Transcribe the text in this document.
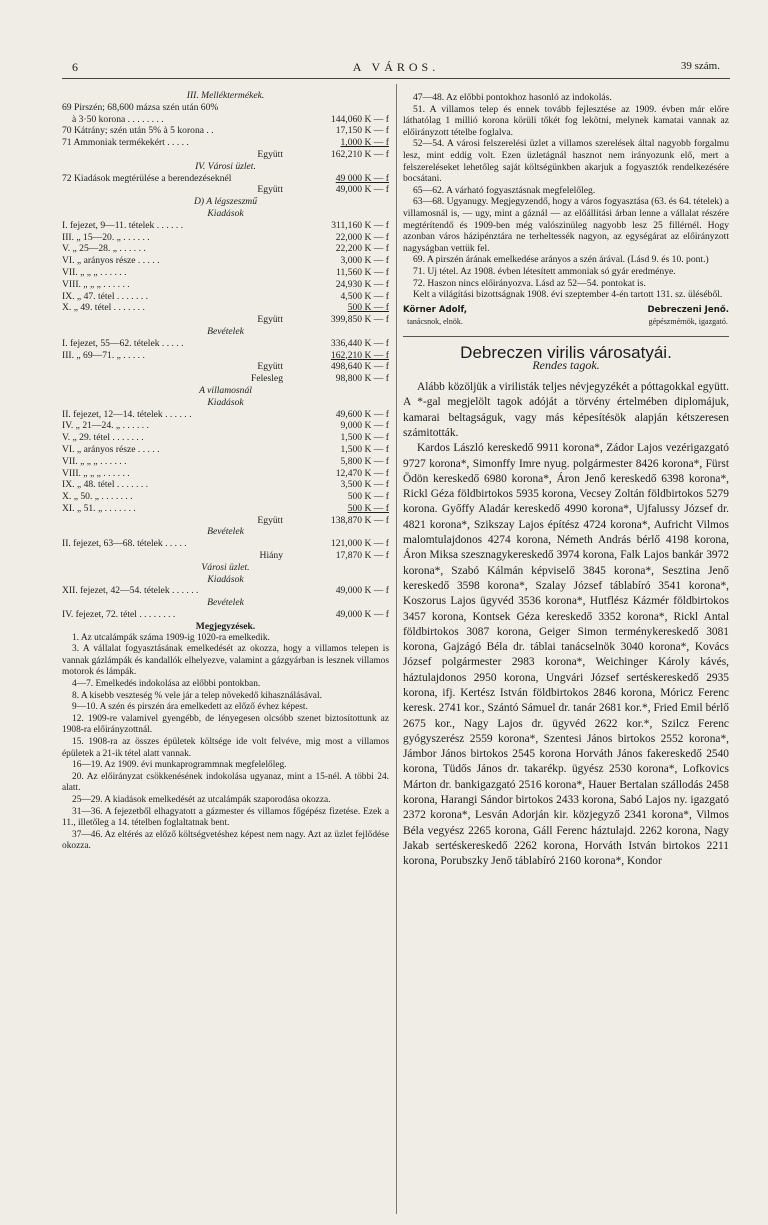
6	A VÁROS.	39 szám.
III. Melléktermékek.
69 Pirszén; 68,600 mázsa szén után 60%
à 3·50 korona . . . . . . . .	144,060 K — f
70 Kátrány; szén után 5% à 5 korona . .	17,150 K — f
71 Ammoniak termékekért . . . . .	1,000 K — f
Együtt	162,210 K — f
IV. Városi üzlet.
72 Kiadások megtérülése a berendezéseknél	49 000 K — f
Együtt	49,000 K — f
D) A légszeszmű
Kiadások
I. fejezet, 9—11. tételek . . . . . .	311,160 K — f
III. „ 15—20. „ . . . . . .	22,000 K — f
V. „ 25—28. „ . . . . . .	22,200 K — f
VI. „ arányos része . . . . .	3,000 K — f
VII. „ „ „ . . . . . .	11,560 K — f
VIII. „ „ „ . . . . . .	24,930 K — f
IX. „ 47. tétel . . . . . . .	4,500 K — f
X. „ 49. tétel . . . . . . .	500 K — f
Együtt	399,850 K — f
Bevételek
I. fejezet, 55—62. tételek . . . . .	336,440 K — f
III. „ 69—71. „ . . . . .	162,210 K — f
Együtt	498,640 K — f
Felesleg	98,800 K — f
A villamosnál
Kiadások
II. fejezet, 12—14. tételek . . . . . .	49,600 K — f
IV. „ 21—24. „ . . . . . .	9,000 K — f
V. „ 29. tétel . . . . . . .	1,500 K — f
VI. „ arányos része . . . . .	1,500 K — f
VII. „ „ „ . . . . . .	5,800 K — f
VIII. „ „ „ . . . . . .	12,470 K — f
IX. „ 48. tétel . . . . . . .	3,500 K — f
X. „ 50. „ . . . . . . .	500 K — f
XI. „ 51. „ . . . . . . .	500 K — f
Együtt	138,870 K — f
Bevételek
II. fejezet, 63—68. tételek . . . . .	121,000 K — f
Hiány	17,870 K — f
Városi üzlet.
Kiadások
XII. fejezet, 42—54. tételek . . . . . .	49,000 K — f
Bevételek
IV. fejezet, 72. tétel . . . . . . . .	49,000 K — f
Megjegyzések.

1. Az utcalámpák száma 1909-ig 1020-ra emelkedik.

3. A vállalat fogyasztásának emelkedését az okozza, hogy a villamos telepen is vannak gázlámpák és kandallók elhelyezve, valamint a gázgyárban is lesznek villamos motorok és lámpák.

4—7. Emelkedés indokolása az előbbi pontokban.

8. A kisebb veszteség % vele jár a telep növekedő kihasználásával.

9—10. A szén és pirszén ára emelkedett az előző évhez képest.

12. 1909-re valamivel gyengébb, de lényegesen olcsóbb szenet biztosítottunk az 1908-ra előirányzottnál.

15. 1908-ra az összes épületek költsége ide volt felvéve, mig most a villamos épületek a 21-ik tétel alatt vannak.

16—19. Az 1909. évi munkaprogrammnak megfelelőleg.

20. Az előirányzat csökkenésének indokolása ugyanaz, mint a 15-nél. A többi 24. alatt.

25—29. A kiadások emelkedését az utcalámpák szaporodása okozza.

31—36. A fejezetből elhagyatott a gázmester és villamos főgépész fizetése. Ezek a 11., illetőleg a 14. tételben foglaltatnak bent.

37—46. Az eltérés az előző költségvetéshez képest nem nagy. Azt az üzlet fejlődése okozza.

47—48. Az előbbi pontokhoz hasonló az indokolás.

51. A villamos telep és ennek tovább fejlesztése az 1909. évben már előre láthatólag 1 millió korona körüli tőkét fog lekötni, melynek kamatai vannak az előirányzott tételbe foglalva.

52—54. A városi felszerelési üzlet a villamos szerelések által nagyobb forgalmu lesz, mint eddig volt. Ezen üzletágnál hasznot nem irányozunk elő, mert a felszereléseket lehetőleg saját költségünkben akarjuk a fogyasztók rendelkezésére bocsátani.

65—62. A várható fogyasztásnak megfelelőleg.

63—68. Ugyanugy. Megjegyzendő, hogy a város fogyasztása (63. és 64. tételek) a villamosnál is, — ugy, mint a gáznál — az előállítási árban lenne a vállalat részére megtérítendő és 1909-ben még valószinüleg nagyobb lesz 25 fillérnél. Hogy azonban város házipénztára ne terheltessék nagyon, az egységárat az előirányzott nagyságban vettük fel.

69. A pirszén árának emelkedése arányos a szén árával. (Lásd 9. és 10. pont.)

71. Uj tétel. Az 1908. évben létesített ammoniak só gyár eredménye.

72. Haszon nincs előirányozva. Lásd az 52—54. pontokat is.

Kelt a világítási bizottságnak 1908. évi szeptember 4-én tartott 131. sz. üléséből.

Körner Adolf,
tanácsnok, elnök.
Debreczeni Jenő.
gépészmérnök, igazgató.
Debreczen virilis városatyái.
Rendes tagok.

Alább közöljük a virilisták teljes névjegyzékét a póttagokkal együtt. A *-gal megjelölt tagok adóját a törvény értelmében diplomájuk, kamarai beltagságuk, vagy más képesítésök alapján kétszeresen számitották.

Kardos László kereskedő 9911 korona*, Zádor Lajos vezérigazgató 9727 korona*, Simonffy Imre nyug. polgármester 8426 korona*, Fürst Ödön kereskedő 6980 korona*, Áron Jenő kereskedő 6398 korona*, Rickl Géza földbirtokos 5935 korona, Vecsey Zoltán földbirtokos 5279 korona. Győffy Aladár kereskedő 4990 korona*, Ujfalussy József dr. 4821 korona*, Szikszay Lajos építész 4724 korona*, Aufricht Vilmos malomtulajdonos 4274 korona, Németh András bérlő 4198 korona, Áron Miksa szesznagykereskedő 3974 korona, Falk Lajos bankár 3972 korona*, Szabó Kálmán képviselő 3845 korona*, Sesztina Jenő kereskedő 3598 korona*, Szalay József táblabíró 3541 korona*, Koszorus Lajos ügyvéd 3536 korona*, Hutflész Kázmér földbirtokos 3457 korona, Kontsek Géza kereskedő 3352 korona*, Rickl Antal földbirtokos 3087 korona, Geiger Simon terménykereskedő 3081 korona, Gajzágó Béla dr. táblai tanácselnök 3040 korona*, Kovács József polgármester 2983 korona*, Weichinger Károly kávés, háztulajdonos 2950 korona, Ungvári József sertéskereskedő 2935 korona, ifj. Kertész István földbirtokos 2846 korona, Móricz Ferenc keresk. 2741 kor., Szántó Sámuel dr. tanár 2681 kor.*, Fried Emil bérlő 2675 kor., Nagy Lajos dr. ügyvéd 2622 kor.*, Szilcz Ferenc gyógyszerész 2559 korona*, Szentesi János birtokos 2552 korona*, Jámbor János birtokos 2545 korona Horváth János fakereskedő 2540 korona, Tüdős János dr. takarékp. ügyész 2530 korona*, Lofkovics Márton dr. bankigazgató 2516 korona*, Hauer Bertalan szállodás 2458 korona, Harangi Sándor birtokos 2433 korona, Sabó Lajos ny. igazgató 2372 korona*, Lesván Adorján kir. közjegyző 2341 korona*, Vilmos Béla vegyész 2265 korona, Gáll Ferenc háztulajd. 2262 korona, Nagy Jakab sertéskereskedő 2262 korona, Horváth István birtokos 2211 korona, Porubszky Jenő táblabíró 2160 korona*, Kondor
